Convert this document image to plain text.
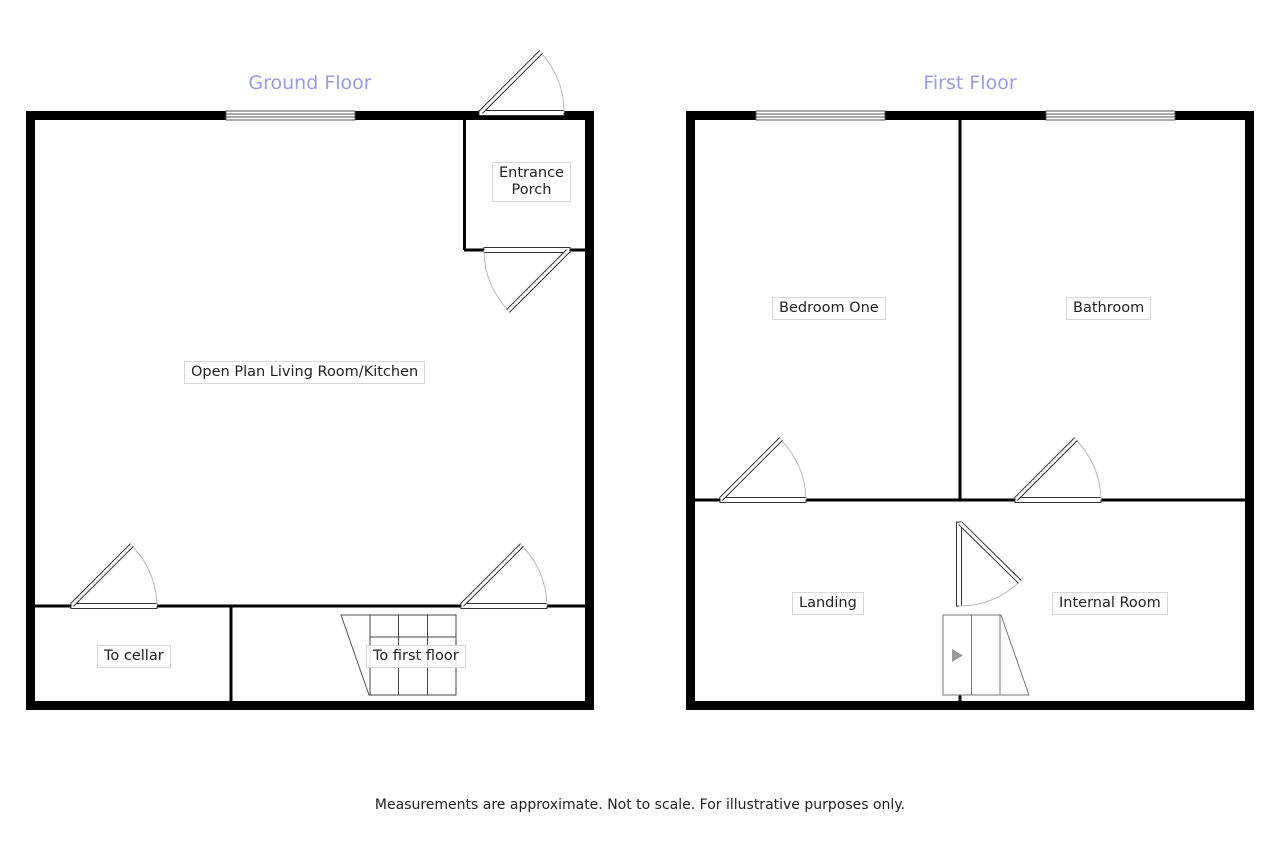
Ground Floor	First Floor
Entrance
Porch
Open Plan Living Room/Kitchen
To cellar	To first floor
Bedroom One	Bathroom
Landing	Internal Room
Measurements are approximate. Not to scale. For illustrative purposes only.
